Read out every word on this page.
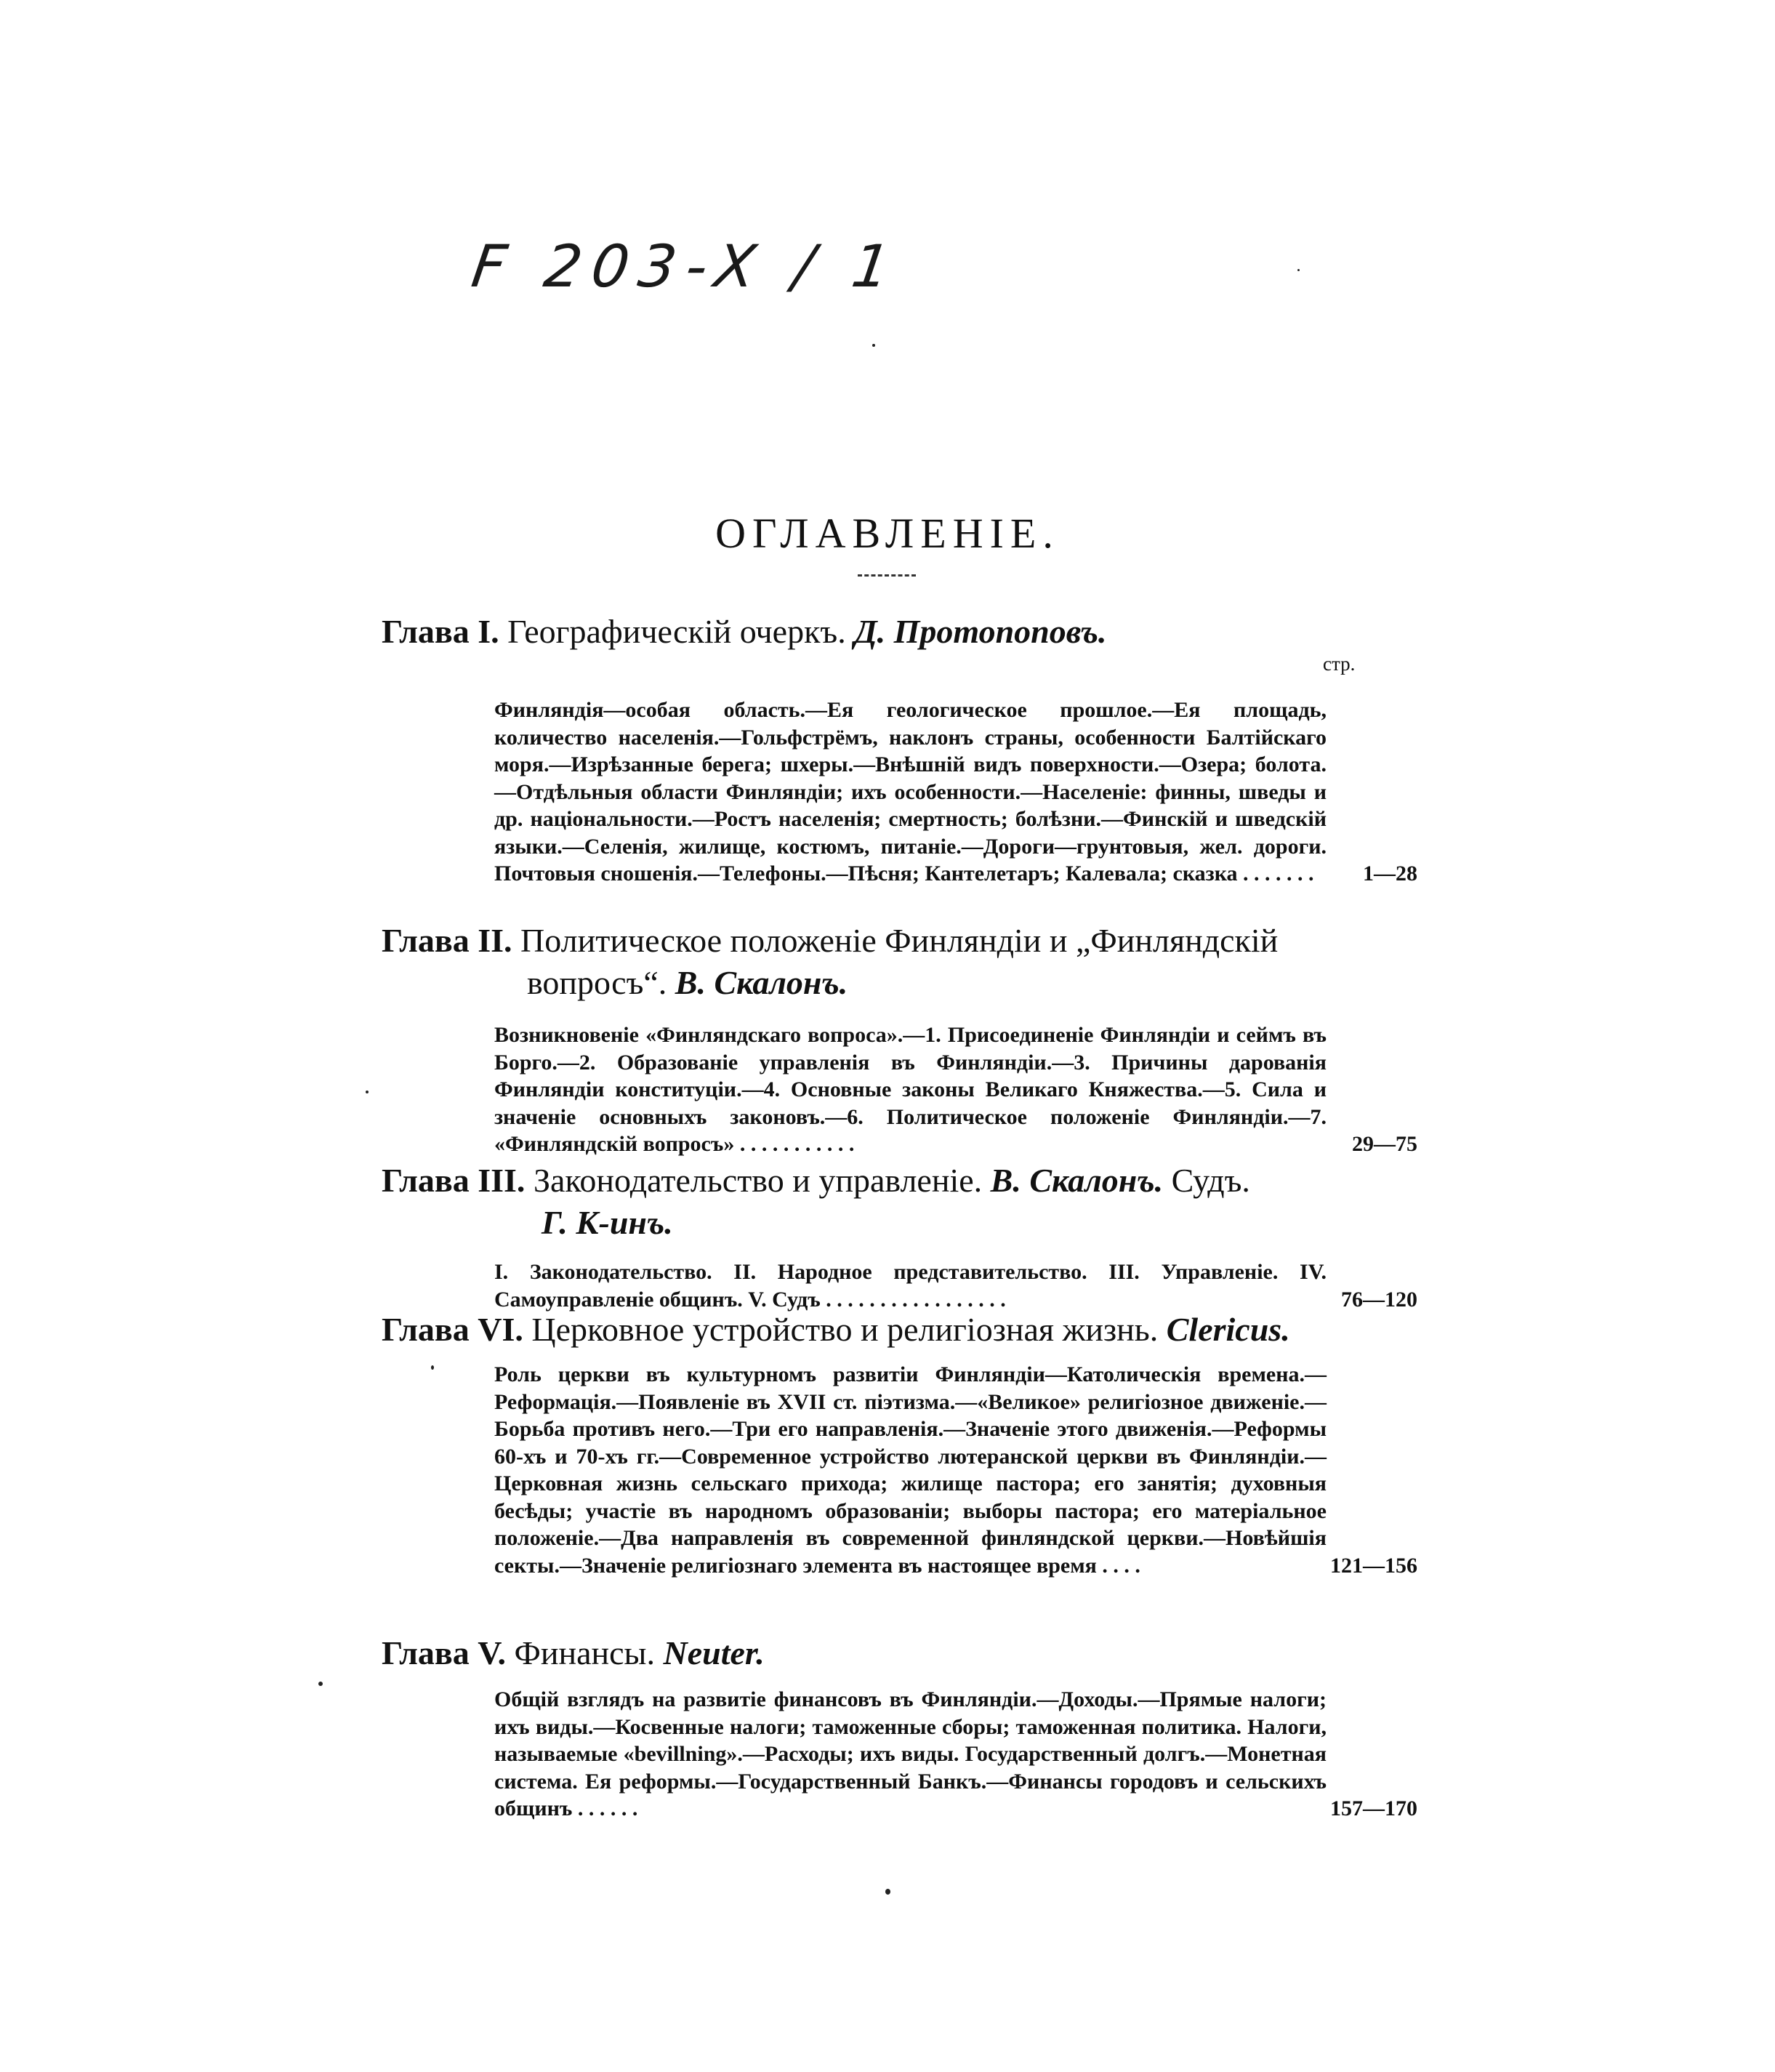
F 203-X / 1
ОГЛАВЛЕНІЕ.
стр.
Глава I. Географическій очеркъ. Д. Протопоповъ.
Финляндія—особая область.—Ея геологическое прошлое.—Ея площадь, количество населенія.—Гольфстрёмъ, наклонъ страны, особенности Балтійскаго моря.—Изрѣзанные берега; шхеры.—Внѣшній видъ поверхности.—Озера; болота.—Отдѣльныя области Финляндіи; ихъ особенности.—Населеніе: финны, шведы и др. національности.—Ростъ населенія; смертность; болѣзни.—Финскій и шведскій языки.—Селенія, жилище, костюмъ, питаніе.—Дороги—грунтовыя, жел. дороги. Почтовыя сношенія.—Телефоны.—Пѣсня; Кантелетаръ; Калевала; сказка . . . . . . . 1—28
Глава II. Политическое положеніе Финляндіи и „Финляндскій
вопросъ“. В. Скалонъ.
Возникновеніе «Финляндскаго вопроса».—1. Присоединеніе Финляндіи и сеймъ въ Борго.—2. Образованіе управленія въ Финляндіи.—3. Причины дарованія Финляндіи конституціи.—4. Основные законы Великаго Княжества.—5. Сила и значеніе основныхъ законовъ.—6. Политическое положеніе Финляндіи.—7. «Финляндскій вопросъ» . . . . . . . . . . .	29—75
Глава III. Законодательство и управленіе. В. Скалонъ. Судъ.
Г. К-инъ.
I. Законодательство. II. Народное представительство. III. Управленіе. IV. Самоуправленіе общинъ. V. Судъ . . . . . . . . . . . . . . . . .	76—120
Глава VI. Церковное устройство и религіозная жизнь. Clericus.
Роль церкви въ культурномъ развитіи Финляндіи—Католическія времена.—Реформація.—Появленіе въ XVII ст. піэтизма.—«Великое» религіозное движеніе.—Борьба противъ него.—Три его направленія.—Значеніе этого движенія.—Реформы 60-хъ и 70-хъ гг.—Современное устройство лютеранской церкви въ Финляндіи.—Церковная жизнь сельскаго прихода; жилище пастора; его занятія; духовныя бесѣды; участіе въ народномъ образованіи; выборы пастора; его матеріальное положеніе.—Два направленія въ современной финляндской церкви.—Новѣйшія секты.—Значеніе религіознаго элемента въ настоящее время . . . .	121—156
Глава V. Финансы. Neuter.
Общій взглядъ на развитіе финансовъ въ Финляндіи.—Доходы.—Прямые налоги; ихъ виды.—Косвенные налоги; таможенные сборы; таможенная политика. Налоги, называемые «bevillning».—Расходы; ихъ виды. Государственный долгъ.—Монетная система. Ея реформы.—Государственный Банкъ.—Финансы городовъ и сельскихъ общинъ . . . . . .	157—170
